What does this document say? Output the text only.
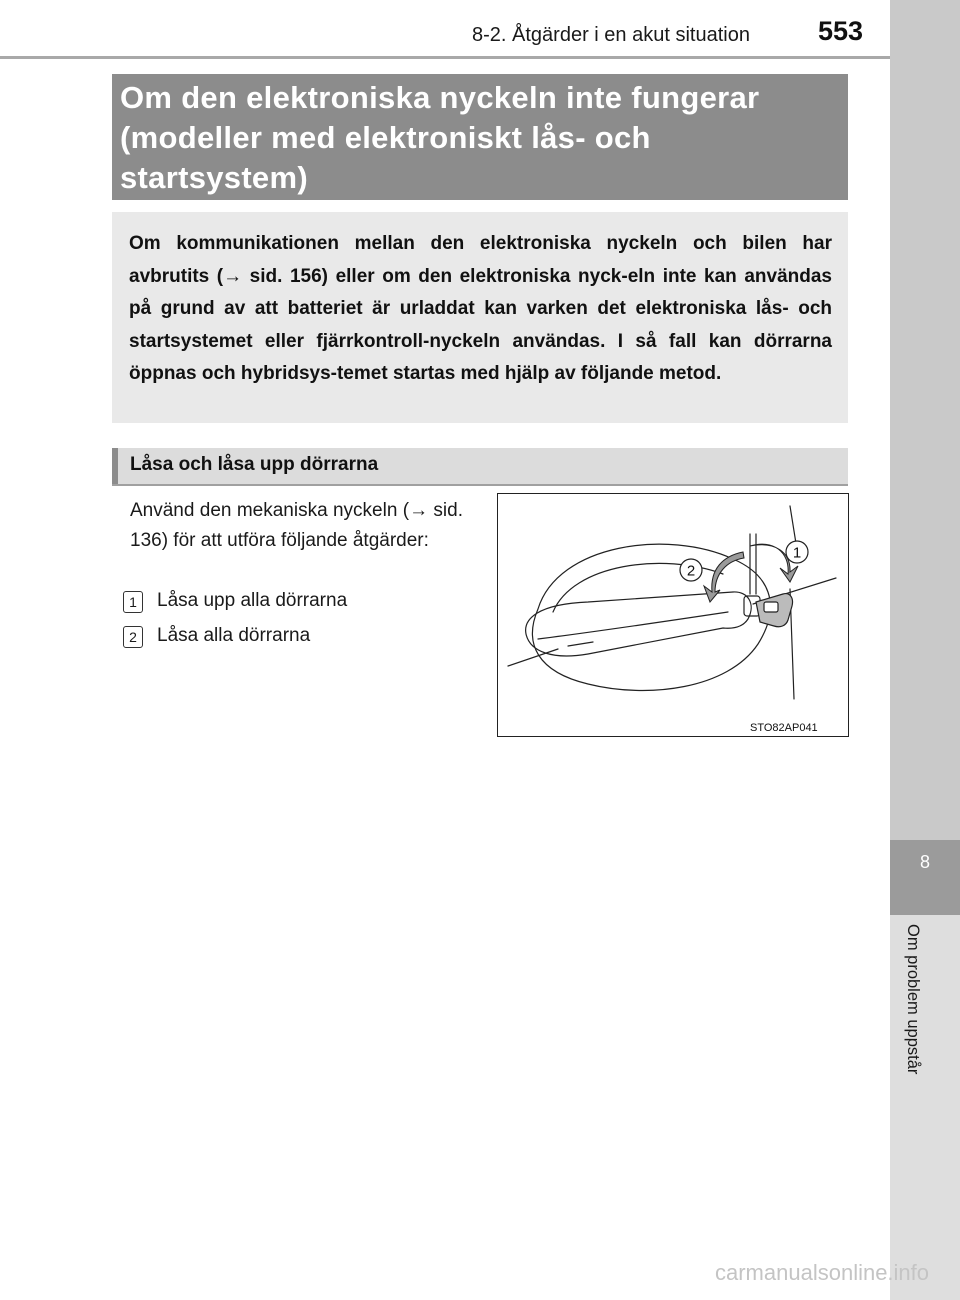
8-2. Åtgärder i en akut situation	553
8
Om problem uppstår
Om den elektroniska nyckeln inte fungerar (modeller med elektroniskt lås- och startsystem)
Om kommunikationen mellan den elektroniska nyckeln och bilen har avbrutits (→ sid. 156) eller om den elektroniska nyck-eln inte kan användas på grund av att batteriet är urladdat kan varken det elektroniska lås- och startsystemet eller fjärrkontroll-nyckeln användas. I så fall kan dörrarna öppnas och hybridsys-temet startas med hjälp av följande metod.
Låsa och låsa upp dörrarna
Använd den mekaniska nyckeln (→ sid. 136) för att utföra följande åtgärder:
1	Låsa upp alla dörrarna
2	Låsa alla dörrarna
1
2
STO82AP041
carmanualsonline.info
